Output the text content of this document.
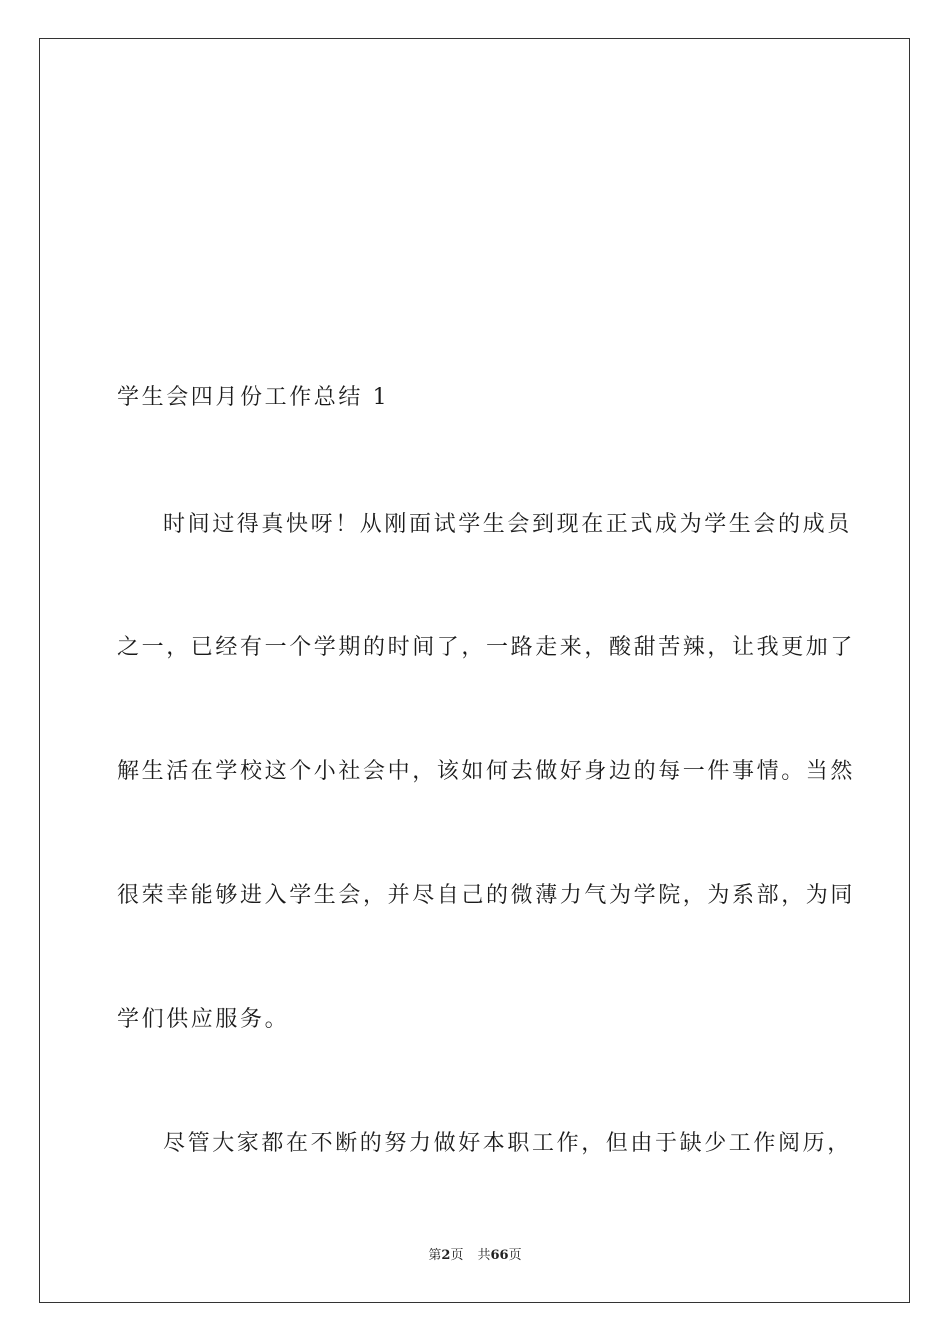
学生会四月份工作总结 1
时间过得真快呀！从刚面试学生会到现在正式成为学生会的成员
之一，已经有一个学期的时间了，一路走来，酸甜苦辣，让我更加了
解生活在学校这个小社会中，该如何去做好身边的每一件事情。当然
很荣幸能够进入学生会，并尽自己的微薄力气为学院，为系部，为同
学们供应服务。
尽管大家都在不断的努力做好本职工作，但由于缺少工作阅历，
第2页 共66页
